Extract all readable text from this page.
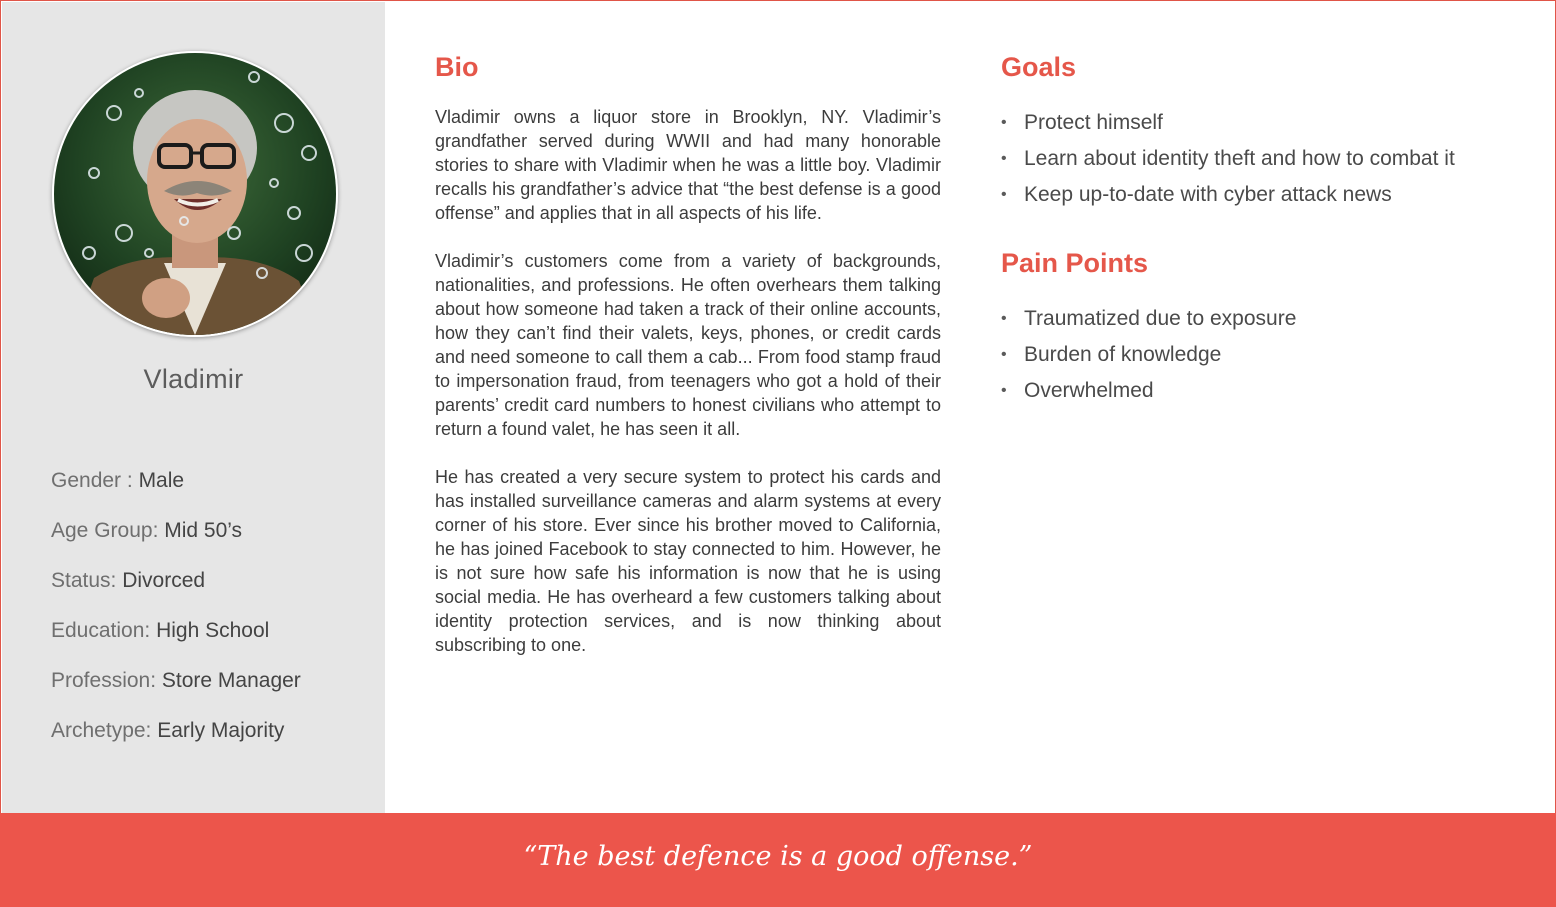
Vladimir
Gender : Male
Age Group: Mid 50’s
Status: Divorced
Education: High School
Profession: Store Manager
Archetype: Early Majority
Bio

Vladimir owns a liquor store in Brooklyn, NY. Vladimir’s grandfather served during WWII and had many honorable stories to share with Vladimir when he was a little boy. Vladimir recalls his grandfather’s advice that “the best defense is a good offense” and applies that in all aspects of his life.

Vladimir’s customers come from a variety of backgrounds, nationalities, and professions. He often overhears them talking about how someone had taken a track of their online accounts, how they can’t find their valets, keys, phones, or credit cards and need someone to call them a cab... From food stamp fraud to impersonation fraud, from teenagers who got a hold of their parents’ credit card numbers to honest civilians who attempt to return a found valet, he has seen it all.

He has created a very secure system to protect his cards and has installed surveillance cameras and alarm systems at every corner of his store. Ever since his brother moved to California, he has joined Facebook to stay connected to him. However, he is not sure how safe his information is now that he is using social media. He has overheard a few customers talking about identity protection services, and is now thinking about subscribing to one.

Goals
• Protect himself
• Learn about identity theft and how to combat it
• Keep up-to-date with cyber attack news
Pain Points
• Traumatized due to exposure
• Burden of knowledge
• Overwhelmed
“The best defence is a good offense.”
